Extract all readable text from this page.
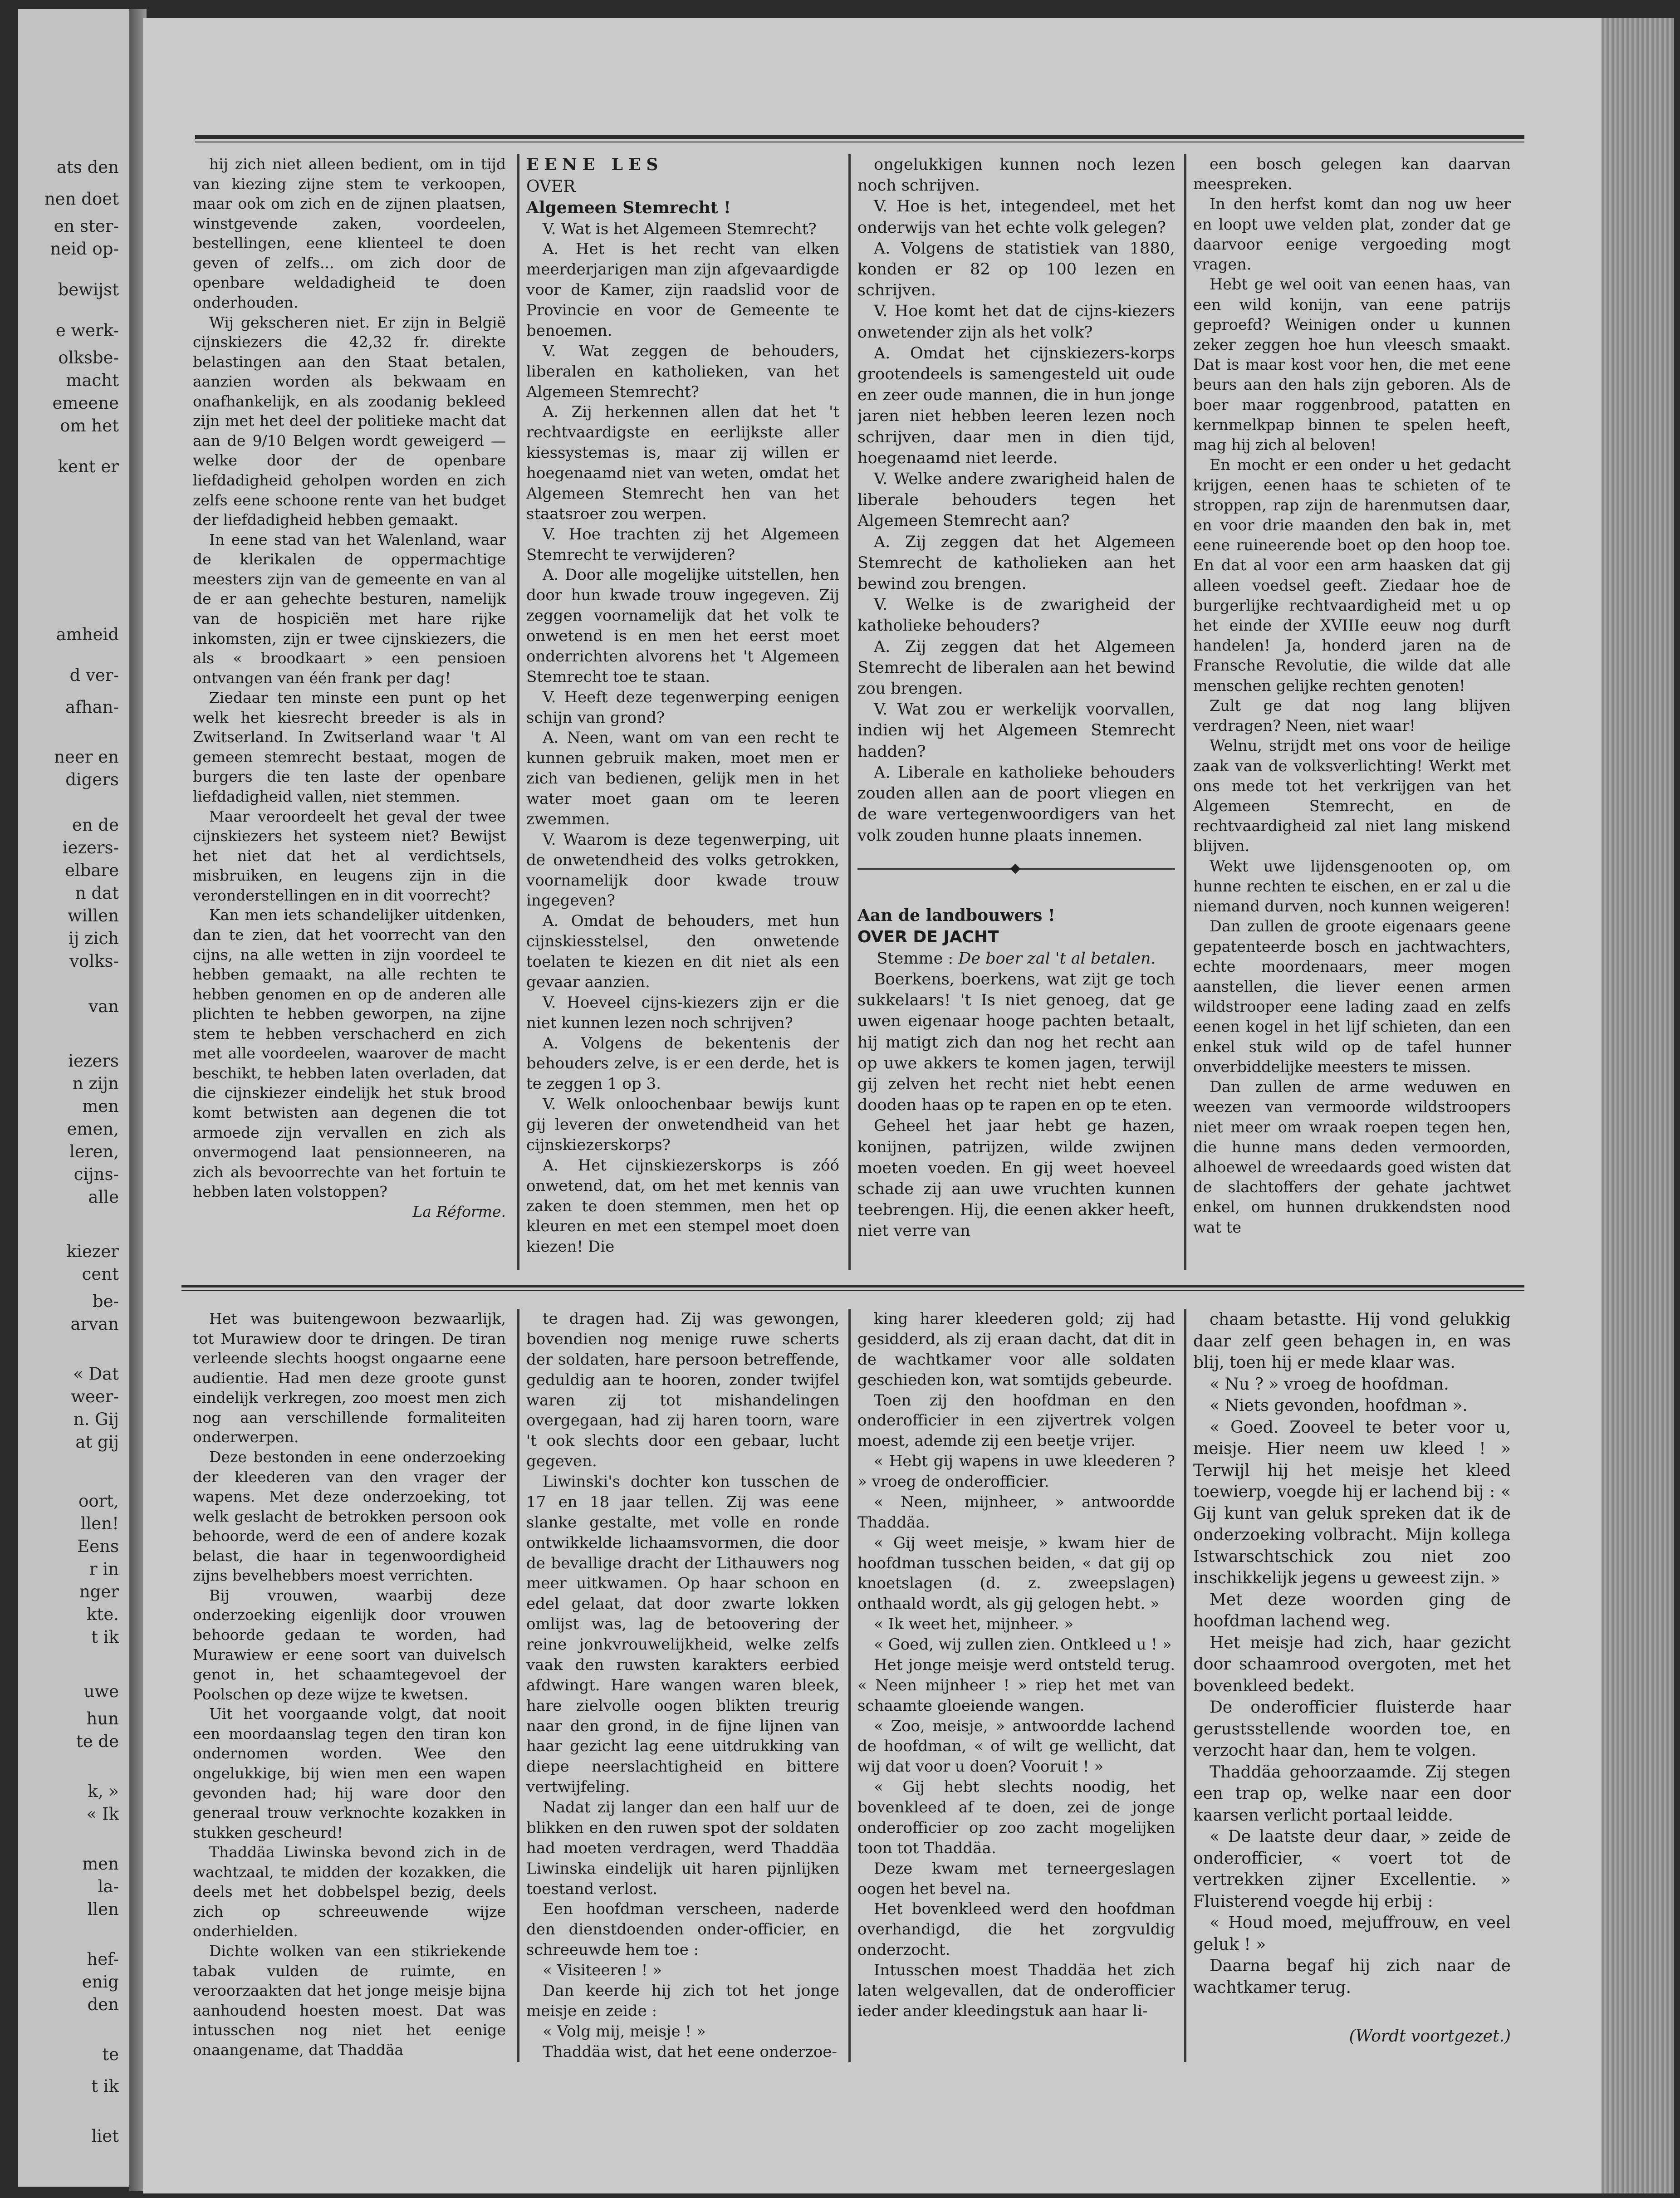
ats den
nen doet
en ster-
neid op-
bewijst
e werk-
olksbe-
macht
emeene
om het
kent er
amheid
d ver-
afhan-
neer en
digers
en de
iezers-
elbare
n dat
willen
ij zich
volks-
van
iezers
n zijn
men
emen,
leren,
cijns-
alle
kiezer
cent
be-
arvan
« Dat
weer-
n. Gij
at gij
oort,
llen!
Eens
r in
nger
kte.
t ik
uwe
hun
te de
k, »
« Ik
men
la-
llen
hef-
enig
den
te
t ik
liet

hij zich niet alleen bedient, om in tijd van kiezing zijne stem te verkoopen, maar ook om zich en de zijnen plaatsen, winstgevende zaken, voordeelen, bestellingen, eene klienteel te doen geven of zelfs... om zich door de openbare weldadigheid te doen onderhouden.

Wij gekscheren niet. Er zijn in België cijnskiezers die 42,32 fr. direkte belastingen aan den Staat betalen, aanzien worden als bekwaam en onafhankelijk, en als zoodanig bekleed zijn met het deel der politieke macht dat aan de 9/10 Belgen wordt geweigerd — welke door der de openbare liefdadigheid geholpen worden en zich zelfs eene schoone rente van het budget der liefdadigheid hebben gemaakt.

In eene stad van het Walenland, waar de klerikalen de oppermachtige meesters zijn van de gemeente en van al de er aan gehechte besturen, namelijk van de hospiciën met hare rijke inkomsten, zijn er twee cijnskiezers, die als « broodkaart » een pensioen ontvangen van één frank per dag!

Ziedaar ten minste een punt op het welk het kiesrecht breeder is als in Zwitserland. In Zwitserland waar 't Al gemeen stemrecht bestaat, mogen de burgers die ten laste der openbare liefdadigheid vallen, niet stemmen.

Maar veroordeelt het geval der twee cijnskiezers het systeem niet? Bewijst het niet dat het al verdichtsels, misbruiken, en leugens zijn in die veronderstellingen en in dit voorrecht?

Kan men iets schandelijker uitdenken, dan te zien, dat het voorrecht van den cijns, na alle wetten in zijn voordeel te hebben gemaakt, na alle rechten te hebben genomen en op de anderen alle plichten te hebben geworpen, na zijne stem te hebben verschacherd en zich met alle voordeelen, waarover de macht beschikt, te hebben laten overladen, dat die cijnskiezer eindelijk het stuk brood komt betwisten aan degenen die tot armoede zijn vervallen en zich als onvermogend laat pensionneeren, na zich als bevoorrechte van het fortuin te hebben laten volstoppen?

La Réforme.

EENE LES

OVER

Algemeen Stemrecht !

V. Wat is het Algemeen Stemrecht?

A. Het is het recht van elken meerderjarigen man zijn afgevaardigde voor de Kamer, zijn raadslid voor de Provincie en voor de Gemeente te benoemen.

V. Wat zeggen de behouders, liberalen en katholieken, van het Algemeen Stemrecht?

A. Zij herkennen allen dat het 't rechtvaardigste en eerlijkste aller kiessystemas is, maar zij willen er hoegenaamd niet van weten, omdat het Algemeen Stemrecht hen van het staatsroer zou werpen.

V. Hoe trachten zij het Algemeen Stemrecht te verwijderen?

A. Door alle mogelijke uitstellen, hen door hun kwade trouw ingegeven. Zij zeggen voornamelijk dat het volk te onwetend is en men het eerst moet onderrichten alvorens het 't Algemeen Stemrecht toe te staan.

V. Heeft deze tegenwerping eenigen schijn van grond?

A. Neen, want om van een recht te kunnen gebruik maken, moet men er zich van bedienen, gelijk men in het water moet gaan om te leeren zwemmen.

V. Waarom is deze tegenwerping, uit de onwetendheid des volks getrokken, voornamelijk door kwade trouw ingegeven?

A. Omdat de behouders, met hun cijnskiesstelsel, den onwetende toelaten te kiezen en dit niet als een gevaar aanzien.

V. Hoeveel cijns-kiezers zijn er die niet kunnen lezen noch schrijven?

A. Volgens de bekentenis der behouders zelve, is er een derde, het is te zeggen 1 op 3.

V. Welk onloochenbaar bewijs kunt gij leveren der onwetendheid van het cijnskiezerskorps?

A. Het cijnskiezerskorps is zóó onwetend, dat, om het met kennis van zaken te doen stemmen, men het op kleuren en met een stempel moet doen kiezen! Die

ongelukkigen kunnen noch lezen noch schrijven.

V. Hoe is het, integendeel, met het onderwijs van het echte volk gelegen?

A. Volgens de statistiek van 1880, konden er 82 op 100 lezen en schrijven.

V. Hoe komt het dat de cijns-kiezers onwetender zijn als het volk?

A. Omdat het cijnskiezers-korps grootendeels is samengesteld uit oude en zeer oude mannen, die in hun jonge jaren niet hebben leeren lezen noch schrijven, daar men in dien tijd, hoegenaamd niet leerde.

V. Welke andere zwarigheid halen de liberale behouders tegen het Algemeen Stemrecht aan?

A. Zij zeggen dat het Algemeen Stemrecht de katholieken aan het bewind zou brengen.

V. Welke is de zwarigheid der katholieke behouders?

A. Zij zeggen dat het Algemeen Stemrecht de liberalen aan het bewind zou brengen.

V. Wat zou er werkelijk voorvallen, indien wij het Algemeen Stemrecht hadden?

A. Liberale en katholieke behouders zouden allen aan de poort vliegen en de ware vertegenwoordigers van het volk zouden hunne plaats innemen.

Aan de landbouwers !

OVER DE JACHT

Stemme : De boer zal 't al betalen.

Boerkens, boerkens, wat zijt ge toch sukkelaars! 't Is niet genoeg, dat ge uwen eigenaar hooge pachten betaalt, hij matigt zich dan nog het recht aan op uwe akkers te komen jagen, terwijl gij zelven het recht niet hebt eenen dooden haas op te rapen en op te eten.

Geheel het jaar hebt ge hazen, konijnen, patrijzen, wilde zwijnen moeten voeden. En gij weet hoeveel schade zij aan uwe vruchten kunnen teebrengen. Hij, die eenen akker heeft, niet verre van

een bosch gelegen kan daarvan meespreken.

In den herfst komt dan nog uw heer en loopt uwe velden plat, zonder dat ge daarvoor eenige vergoeding mogt vragen.

Hebt ge wel ooit van eenen haas, van een wild konijn, van eene patrijs geproefd? Weinigen onder u kunnen zeker zeggen hoe hun vleesch smaakt. Dat is maar kost voor hen, die met eene beurs aan den hals zijn geboren. Als de boer maar roggenbrood, patatten en kernmelkpap binnen te spelen heeft, mag hij zich al beloven!

En mocht er een onder u het gedacht krijgen, eenen haas te schieten of te stroppen, rap zijn de harenmutsen daar, en voor drie maanden den bak in, met eene ruineerende boet op den hoop toe. En dat al voor een arm haasken dat gij alleen voedsel geeft. Ziedaar hoe de burgerlijke rechtvaardigheid met u op het einde der XVIIIe eeuw nog durft handelen! Ja, honderd jaren na de Fransche Revolutie, die wilde dat alle menschen gelijke rechten genoten!

Zult ge dat nog lang blijven verdragen? Neen, niet waar!

Welnu, strijdt met ons voor de heilige zaak van de volksverlichting! Werkt met ons mede tot het verkrijgen van het Algemeen Stemrecht, en de rechtvaardigheid zal niet lang miskend blijven.

Wekt uwe lijdensgenooten op, om hunne rechten te eischen, en er zal u die niemand durven, noch kunnen weigeren!

Dan zullen de groote eigenaars geene gepatenteerde bosch en jachtwachters, echte moordenaars, meer mogen aanstellen, die liever eenen armen wildstrooper eene lading zaad en zelfs eenen kogel in het lijf schieten, dan een enkel stuk wild op de tafel hunner onverbiddelijke meesters te missen.

Dan zullen de arme weduwen en weezen van vermoorde wildstroopers niet meer om wraak roepen tegen hen, die hunne mans deden vermoorden, alhoewel de wreedaards goed wisten dat de slachtoffers der gehate jachtwet enkel, om hunnen drukkendsten nood wat te

Het was buitengewoon bezwaarlijk, tot Murawiew door te dringen. De tiran verleende slechts hoogst ongaarne eene audientie. Had men deze groote gunst eindelijk verkregen, zoo moest men zich nog aan verschillende formaliteiten onderwerpen.

Deze bestonden in eene onderzoeking der kleederen van den vrager der wapens. Met deze onderzoeking, tot welk geslacht de betrokken persoon ook behoorde, werd de een of andere kozak belast, die haar in tegenwoordigheid zijns bevelhebbers moest verrichten.

Bij vrouwen, waarbij deze onderzoeking eigenlijk door vrouwen behoorde gedaan te worden, had Murawiew er eene soort van duivelsch genot in, het schaamtegevoel der Poolschen op deze wijze te kwetsen.

Uit het voorgaande volgt, dat nooit een moordaanslag tegen den tiran kon ondernomen worden. Wee den ongelukkige, bij wien men een wapen gevonden had; hij ware door den generaal trouw verknochte kozakken in stukken gescheurd!

Thaddäa Liwinska bevond zich in de wachtzaal, te midden der kozakken, die deels met het dobbelspel bezig, deels zich op schreeuwende wijze onderhielden.

Dichte wolken van een stikriekende tabak vulden de ruimte, en veroorzaakten dat het jonge meisje bijna aanhoudend hoesten moest. Dat was intusschen nog niet het eenige onaangename, dat Thaddäa

te dragen had. Zij was gewongen, bovendien nog menige ruwe scherts der soldaten, hare persoon betreffende, geduldig aan te hooren, zonder twijfel waren zij tot mishandelingen overgegaan, had zij haren toorn, ware 't ook slechts door een gebaar, lucht gegeven.

Liwinski's dochter kon tusschen de 17 en 18 jaar tellen. Zij was eene slanke gestalte, met volle en ronde ontwikkelde lichaamsvormen, die door de bevallige dracht der Lithauwers nog meer uitkwamen. Op haar schoon en edel gelaat, dat door zwarte lokken omlijst was, lag de betoovering der reine jonkvrouwelijkheid, welke zelfs vaak den ruwsten karakters eerbied afdwingt. Hare wangen waren bleek, hare zielvolle oogen blikten treurig naar den grond, in de fijne lijnen van haar gezicht lag eene uitdrukking van diepe neerslachtigheid en bittere vertwijfeling.

Nadat zij langer dan een half uur de blikken en den ruwen spot der soldaten had moeten verdragen, werd Thaddäa Liwinska eindelijk uit haren pijnlijken toestand verlost.

Een hoofdman verscheen, naderde den dienstdoenden onder-officier, en schreeuwde hem toe :

« Visiteeren ! »

Dan keerde hij zich tot het jonge meisje en zeide :

« Volg mij, meisje ! »

Thaddäa wist, dat het eene onderzoe-

king harer kleederen gold; zij had gesidderd, als zij eraan dacht, dat dit in de wachtkamer voor alle soldaten geschieden kon, wat somtijds gebeurde.

Toen zij den hoofdman en den onderofficier in een zijvertrek volgen moest, ademde zij een beetje vrijer.

« Hebt gij wapens in uwe kleederen ? » vroeg de onderofficier.

« Neen, mijnheer, » antwoordde Thaddäa.

« Gij weet meisje, » kwam hier de hoofdman tusschen beiden, « dat gij op knoetslagen (d. z. zweepslagen) onthaald wordt, als gij gelogen hebt. »

« Ik weet het, mijnheer. »

« Goed, wij zullen zien. Ontkleed u ! »

Het jonge meisje werd ontsteld terug. « Neen mijnheer ! » riep het met van schaamte gloeiende wangen.

« Zoo, meisje, » antwoordde lachend de hoofdman, « of wilt ge wellicht, dat wij dat voor u doen? Vooruit ! »

« Gij hebt slechts noodig, het bovenkleed af te doen, zei de jonge onderofficier op zoo zacht mogelijken toon tot Thaddäa.

Deze kwam met terneergeslagen oogen het bevel na.

Het bovenkleed werd den hoofdman overhandigd, die het zorgvuldig onderzocht.

Intusschen moest Thaddäa het zich laten welgevallen, dat de onderofficier ieder ander kleedingstuk aan haar li-

chaam betastte. Hij vond gelukkig daar zelf geen behagen in, en was blij, toen hij er mede klaar was.

« Nu ? » vroeg de hoofdman.

« Niets gevonden, hoofdman ».

« Goed. Zooveel te beter voor u, meisje. Hier neem uw kleed ! » Terwijl hij het meisje het kleed toewierp, voegde hij er lachend bij : « Gij kunt van geluk spreken dat ik de onderzoeking volbracht. Mijn kollega Istwarschtschick zou niet zoo inschikkelijk jegens u geweest zijn. »

Met deze woorden ging de hoofdman lachend weg.

Het meisje had zich, haar gezicht door schaamrood overgoten, met het bovenkleed bedekt.

De onderofficier fluisterde haar gerustsstellende woorden toe, en verzocht haar dan, hem te volgen.

Thaddäa gehoorzaamde. Zij stegen een trap op, welke naar een door kaarsen verlicht portaal leidde.

« De laatste deur daar, » zeide de onderofficier, « voert tot de vertrekken zijner Excellentie. » Fluisterend voegde hij erbij :

« Houd moed, mejuffrouw, en veel geluk ! »

Daarna begaf hij zich naar de wachtkamer terug.

(Wordt voortgezet.)
